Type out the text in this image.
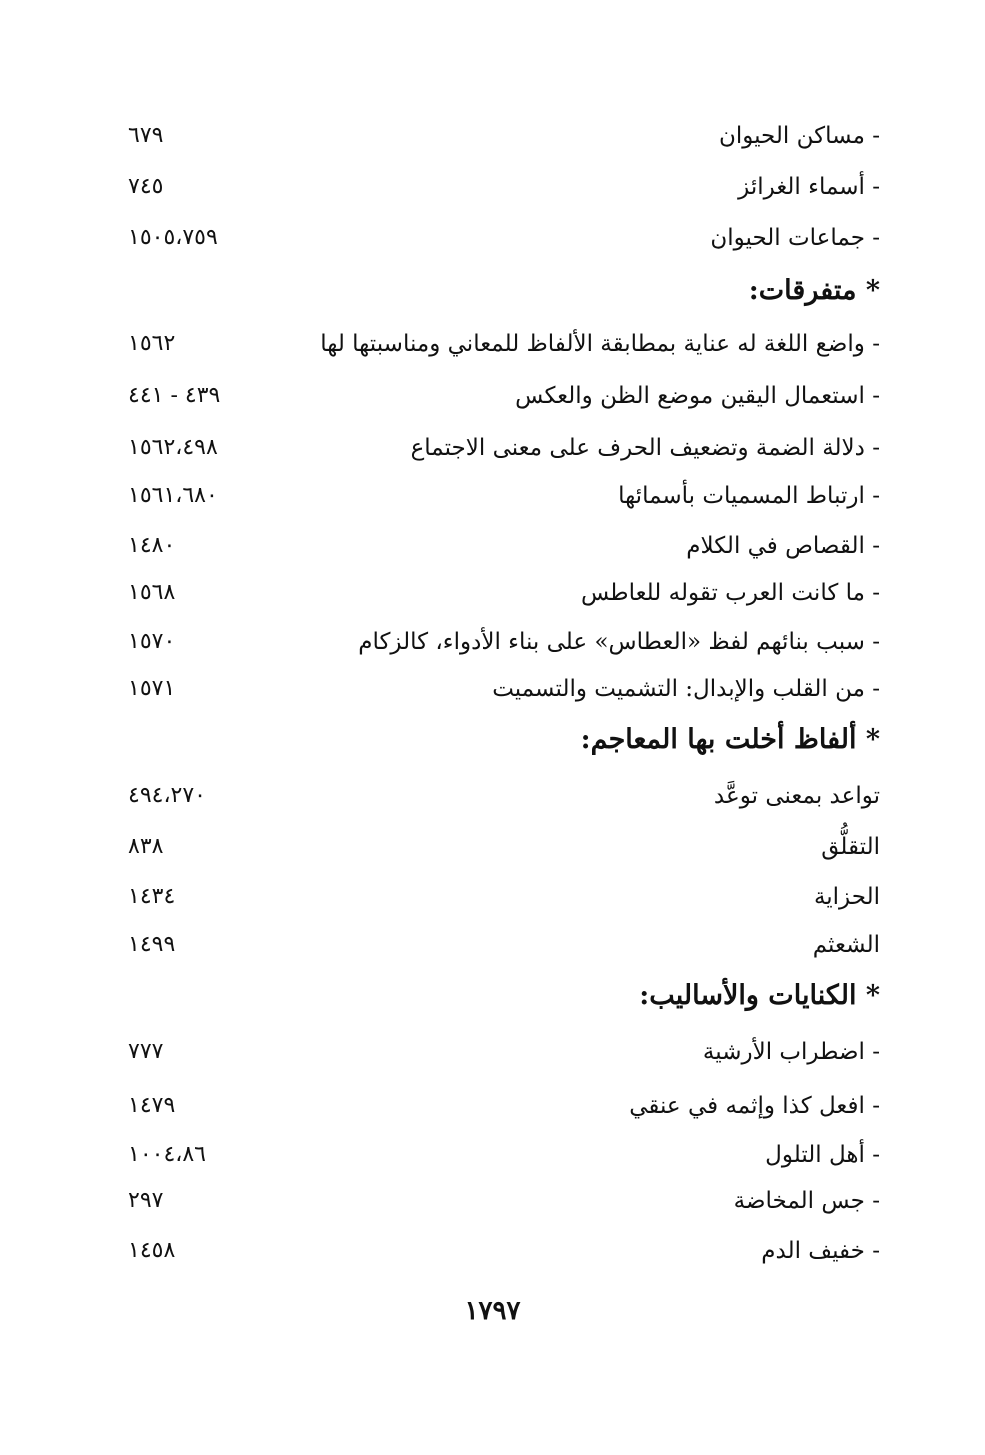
- مساكن الحيوان
٦٧٩
- أسماء الغرائز
٧٤٥
- جماعات الحيوان
١٥٠٥،٧٥٩
* متفرقات:
- واضع اللغة له عناية بمطابقة الألفاظ للمعاني ومناسبتها لها
١٥٦٢
- استعمال اليقين موضع الظن والعكس
٤٣٩ - ٤٤١
- دلالة الضمة وتضعيف الحرف على معنى الاجتماع
١٥٦٢،٤٩٨
- ارتباط المسميات بأسمائها
١٥٦١،٦٨٠
- القصاص في الكلام
١٤٨٠
- ما كانت العرب تقوله للعاطس
١٥٦٨
- سبب بنائهم لفظ «العطاس» على بناء الأدواء، كالزكام
١٥٧٠
- من القلب والإبدال: التشميت والتسميت
١٥٧١
* ألفاظ أخلت بها المعاجم:
تواعد بمعنى توعَّد
٤٩٤،٢٧٠
التقلُّق
٨٣٨
الحزاية
١٤٣٤
الشعثم
١٤٩٩
* الكنايات والأساليب:
- اضطراب الأرشية
٧٧٧
- افعل كذا وإثمه في عنقي
١٤٧٩
- أهل التلول
١٠٠٤،٨٦
- جس المخاضة
٢٩٧
- خفيف الدم
١٤٥٨
١٧٩٧
